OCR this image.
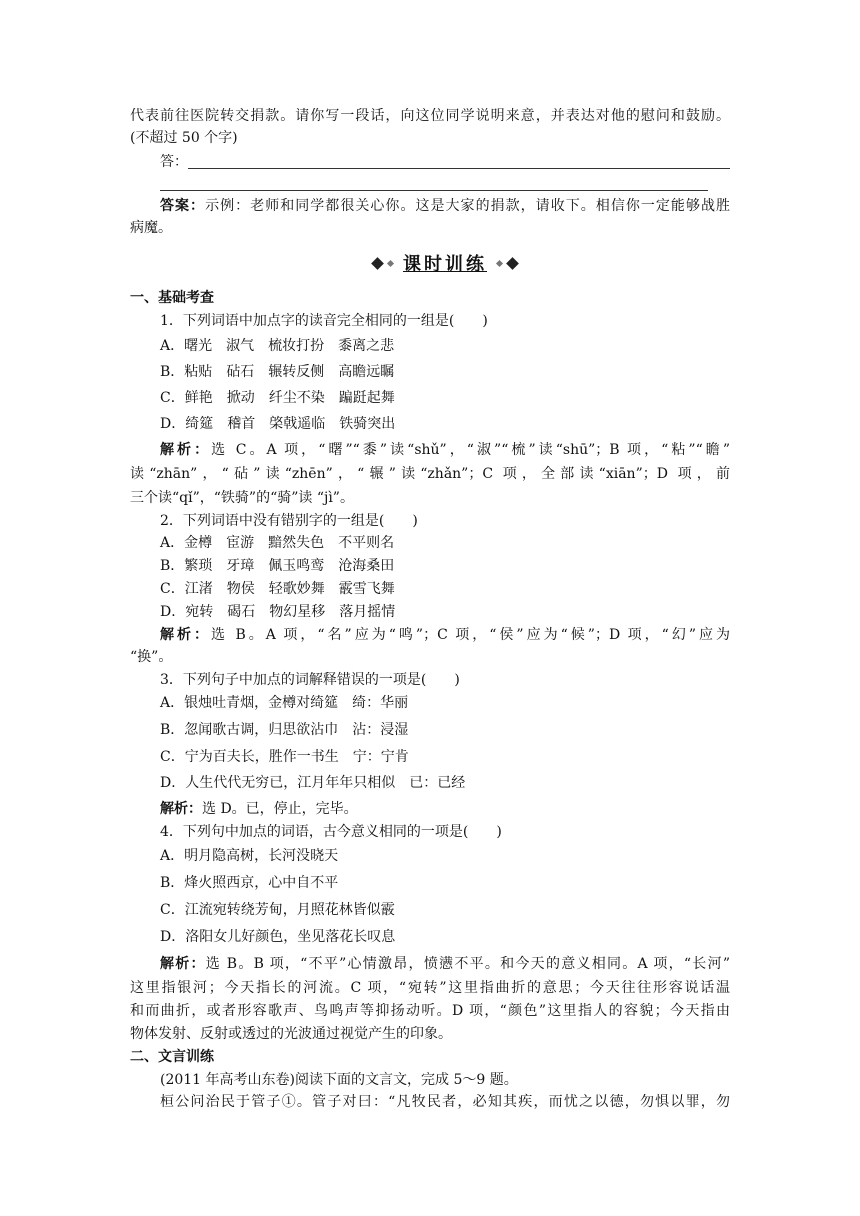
代表前往医院转交捐款。请你写一段话，向这位同学说明来意，并表达对他的慰问和鼓励。
(不超过 50 个字)
答：
答案：示例：老师和同学都很关心你。这是大家的捐款，请收下。相信你一定能够战胜
病魔。
课时训练
一、基础考查
1．下列词语中加点字的读音完全相同的一组是(　　)
A．曙光　淑气　梳妆打扮　黍离之悲
B．粘贴　砧石　辗转反侧　高瞻远瞩
C．鲜艳　掀动　纤尘不染　蹁跹起舞
D．绮筵　稽首　棨戟遥临　铁骑突出
解析：选 C。A 项，“曙”“黍”读“shǔ”，“淑”“梳”读“shū”；B 项，“粘”“瞻”
读“zhān”，“砧”读“zhēn”，“辗”读“zhǎn”；C 项，全部读“xiān”；D 项，前
三个读“qǐ”，“铁骑”的“骑”读 “jì”。
2．下列词语中没有错别字的一组是(　　)
A．金樽　宦游　黯然失色　不平则名
B．繁琐　牙璋　佩玉鸣鸾　沧海桑田
C．江渚　物侯　轻歌妙舞　霰雪飞舞
D．宛转　碣石　物幻星移　落月摇情
解析：选 B。A 项，“名”应为“鸣”；C 项，“侯”应为“候”；D 项，“幻”应为
“换”。
3．下列句子中加点的词解释错误的一项是(　　)
A．银烛吐青烟，金樽对绮筵　绮：华丽
B．忽闻歌古调，归思欲沾巾　沾：浸湿
C．宁为百夫长，胜作一书生　宁：宁肯
D．人生代代无穷已，江月年年只相似　已：已经
解析：选 D。已，停止，完毕。
4．下列句中加点的词语，古今意义相同的一项是(　　)
A．明月隐高树，长河没晓天
B．烽火照西京，心中自不平
C．江流宛转绕芳甸，月照花林皆似霰
D．洛阳女儿好颜色，坐见落花长叹息
解析：选 B。B 项，“不平”心情激昂，愤懑不平。和今天的意义相同。A 项，“长河”
这里指银河；今天指长的河流。C 项，“宛转”这里指曲折的意思；今天往往形容说话温
和而曲折，或者形容歌声、鸟鸣声等抑扬动听。D 项，“颜色”这里指人的容貌；今天指由
物体发射、反射或透过的光波通过视觉产生的印象。
二、文言训练
(2011 年高考山东卷)阅读下面的文言文，完成 5～9 题。
桓公问治民于管子①。管子对曰：“凡牧民者，必知其疾，而忧之以德，勿惧以罪，勿
